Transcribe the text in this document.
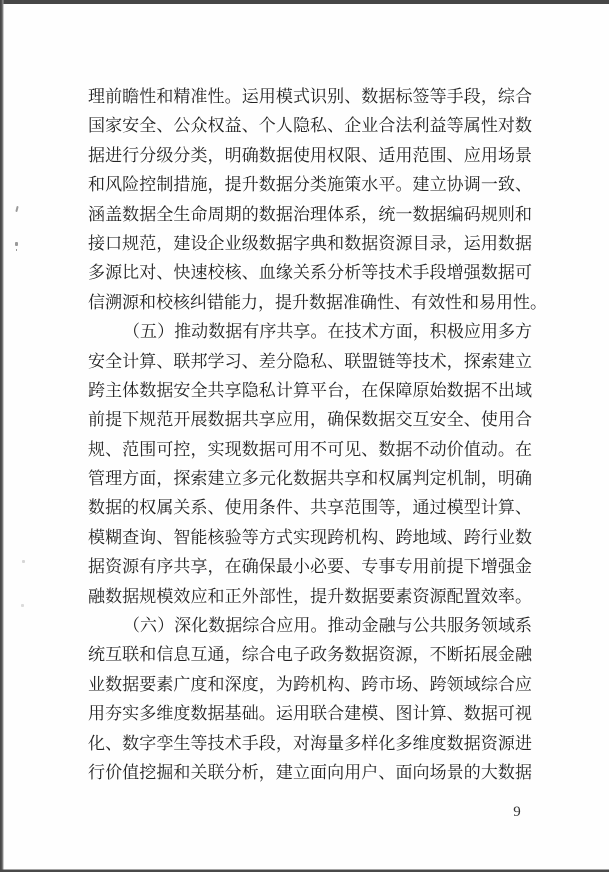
理前瞻性和精准性。运用模式识别、数据标签等手段，综合
国家安全、公众权益、个人隐私、企业合法利益等属性对数
据进行分级分类，明确数据使用权限、适用范围、应用场景
和风险控制措施，提升数据分类施策水平。建立协调一致、
涵盖数据全生命周期的数据治理体系，统一数据编码规则和
接口规范，建设企业级数据字典和数据资源目录，运用数据
多源比对、快速校核、血缘关系分析等技术手段增强数据可
信溯源和校核纠错能力，提升数据准确性、有效性和易用性。
（五）推动数据有序共享。在技术方面，积极应用多方
安全计算、联邦学习、差分隐私、联盟链等技术，探索建立
跨主体数据安全共享隐私计算平台，在保障原始数据不出域
前提下规范开展数据共享应用，确保数据交互安全、使用合
规、范围可控，实现数据可用不可见、数据不动价值动。在
管理方面，探索建立多元化数据共享和权属判定机制，明确
数据的权属关系、使用条件、共享范围等，通过模型计算、
模糊查询、智能核验等方式实现跨机构、跨地域、跨行业数
据资源有序共享，在确保最小必要、专事专用前提下增强金
融数据规模效应和正外部性，提升数据要素资源配置效率。
（六）深化数据综合应用。推动金融与公共服务领域系
统互联和信息互通，综合电子政务数据资源，不断拓展金融
业数据要素广度和深度，为跨机构、跨市场、跨领域综合应
用夯实多维度数据基础。运用联合建模、图计算、数据可视
化、数字孪生等技术手段，对海量多样化多维度数据资源进
行价值挖掘和关联分析，建立面向用户、面向场景的大数据
9
